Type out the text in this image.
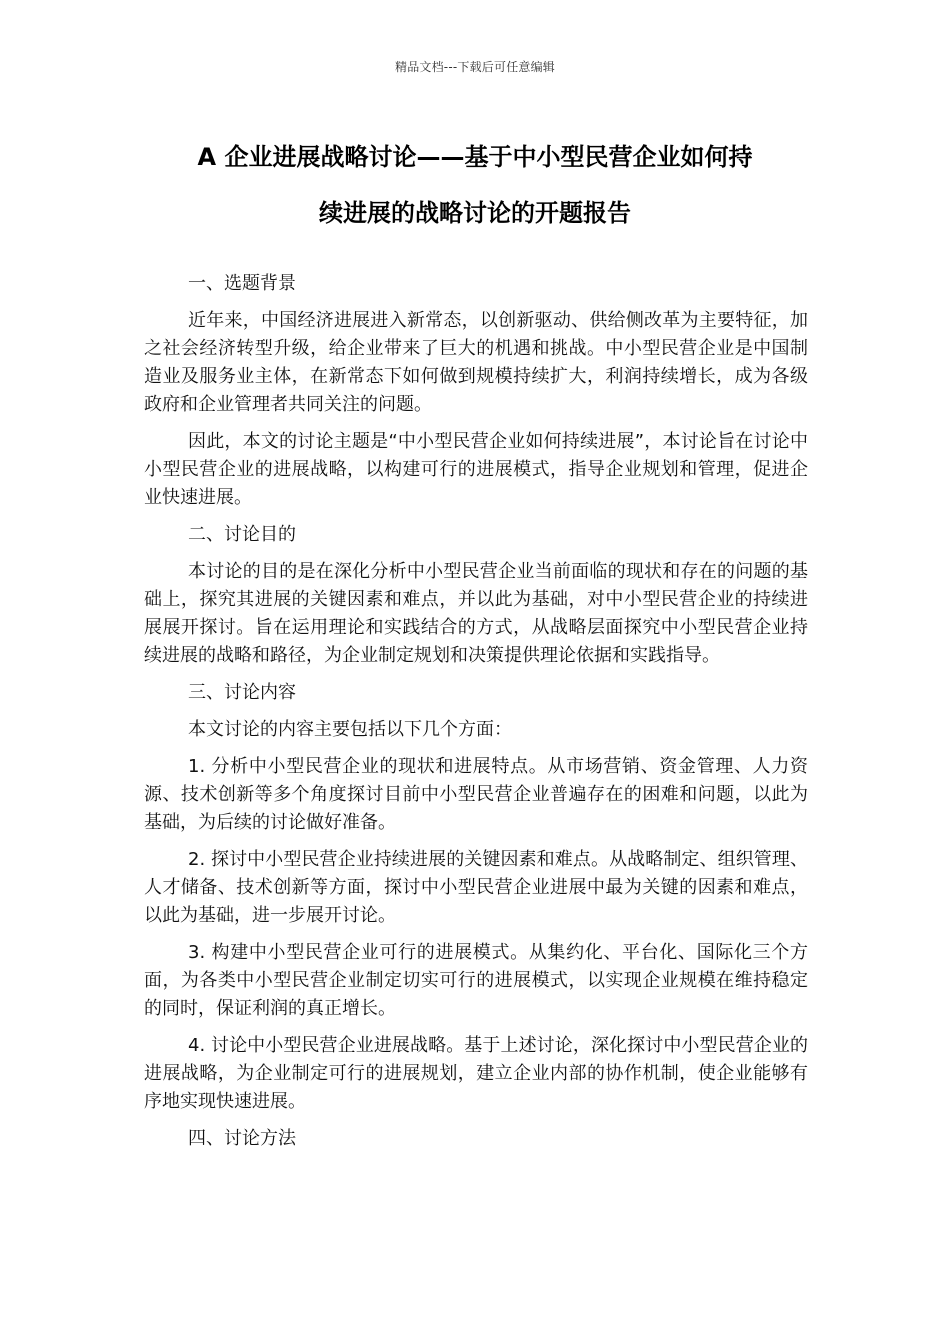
精品文档---下载后可任意编辑
A 企业进展战略讨论——基于中小型民营企业如何持
续进展的战略讨论的开题报告

一、选题背景

近年来，中国经济进展进入新常态，以创新驱动、供给侧改革为主要特征，加之社会经济转型升级，给企业带来了巨大的机遇和挑战。中小型民营企业是中国制造业及服务业主体，在新常态下如何做到规模持续扩大，利润持续增长，成为各级政府和企业管理者共同关注的问题。

因此，本文的讨论主题是“中小型民营企业如何持续进展”，本讨论旨在讨论中小型民营企业的进展战略，以构建可行的进展模式，指导企业规划和管理，促进企业快速进展。

二、讨论目的

本讨论的目的是在深化分析中小型民营企业当前面临的现状和存在的问题的基础上，探究其进展的关键因素和难点，并以此为基础，对中小型民营企业的持续进展展开探讨。旨在运用理论和实践结合的方式，从战略层面探究中小型民营企业持续进展的战略和路径，为企业制定规划和决策提供理论依据和实践指导。

三、讨论内容

本文讨论的内容主要包括以下几个方面：

1. 分析中小型民营企业的现状和进展特点。从市场营销、资金管理、人力资源、技术创新等多个角度探讨目前中小型民营企业普遍存在的困难和问题，以此为基础，为后续的讨论做好准备。

2. 探讨中小型民营企业持续进展的关键因素和难点。从战略制定、组织管理、人才储备、技术创新等方面，探讨中小型民营企业进展中最为关键的因素和难点，以此为基础，进一步展开讨论。

3. 构建中小型民营企业可行的进展模式。从集约化、平台化、国际化三个方面，为各类中小型民营企业制定切实可行的进展模式，以实现企业规模在维持稳定的同时，保证利润的真正增长。

4. 讨论中小型民营企业进展战略。基于上述讨论，深化探讨中小型民营企业的进展战略，为企业制定可行的进展规划，建立企业内部的协作机制，使企业能够有序地实现快速进展。

四、讨论方法
